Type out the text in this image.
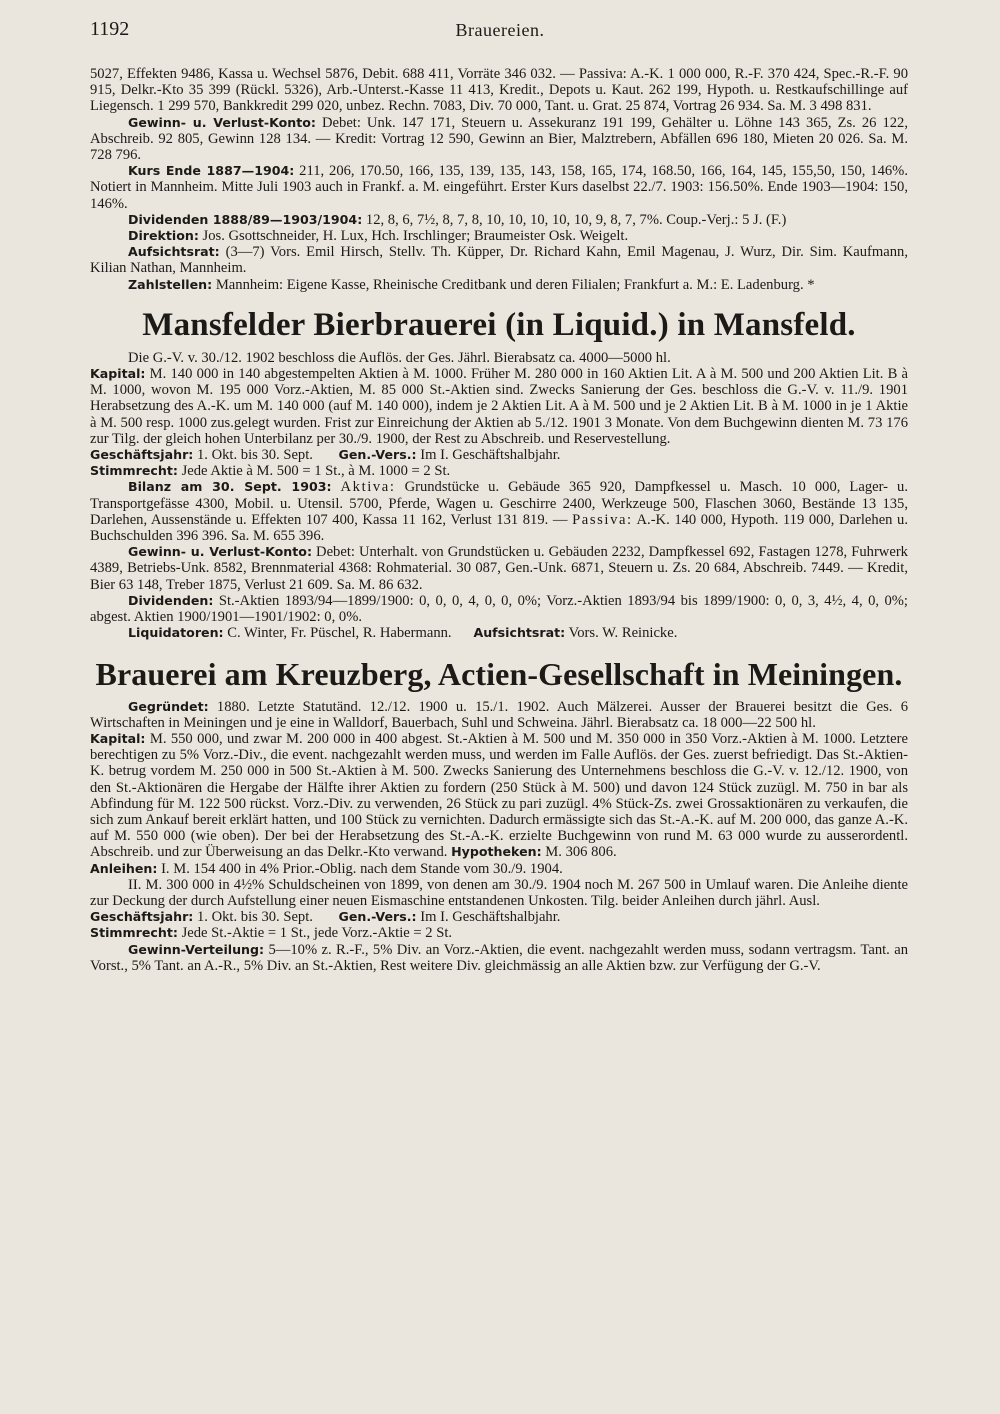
1192	Brauereien.

5027, Effekten 9486, Kassa u. Wechsel 5876, Debit. 688 411, Vorräte 346 032. — Passiva: A.-K. 1 000 000, R.-F. 370 424, Spec.-R.-F. 90 915, Delkr.-Kto 35 399 (Rückl. 5326), Arb.-Unterst.-Kasse 11 413, Kredit., Depots u. Kaut. 262 199, Hypoth. u. Restkaufschillinge auf Liegensch. 1 299 570, Bankkredit 299 020, unbez. Rechn. 7083, Div. 70 000, Tant. u. Grat. 25 874, Vortrag 26 934. Sa. M. 3 498 831.

Gewinn- u. Verlust-Konto: Debet: Unk. 147 171, Steuern u. Assekuranz 191 199, Gehälter u. Löhne 143 365, Zs. 26 122, Abschreib. 92 805, Gewinn 128 134. — Kredit: Vortrag 12 590, Gewinn an Bier, Malztrebern, Abfällen 696 180, Mieten 20 026. Sa. M. 728 796.

Kurs Ende 1887—1904: 211, 206, 170.50, 166, 135, 139, 135, 143, 158, 165, 174, 168.50, 166, 164, 145, 155,50, 150, 146%. Notiert in Mannheim. Mitte Juli 1903 auch in Frankf. a. M. eingeführt. Erster Kurs daselbst 22./7. 1903: 156.50%. Ende 1903—1904: 150, 146%.

Dividenden 1888/89—1903/1904: 12, 8, 6, 7½, 8, 7, 8, 10, 10, 10, 10, 10, 9, 8, 7, 7%. Coup.-Verj.: 5 J. (F.)

Direktion: Jos. Gsottschneider, H. Lux, Hch. Irschlinger; Braumeister Osk. Weigelt.

Aufsichtsrat: (3—7) Vors. Emil Hirsch, Stellv. Th. Küpper, Dr. Richard Kahn, Emil Magenau, J. Wurz, Dir. Sim. Kaufmann, Kilian Nathan, Mannheim.

Zahlstellen: Mannheim: Eigene Kasse, Rheinische Creditbank und deren Filialen; Frankfurt a. M.: E. Ladenburg. *

Mansfelder Bierbrauerei (in Liquid.) in Mansfeld.

Die G.-V. v. 30./12. 1902 beschloss die Auflös. der Ges. Jährl. Bierabsatz ca. 4000—5000 hl.

Kapital: M. 140 000 in 140 abgestempelten Aktien à M. 1000. Früher M. 280 000 in 160 Aktien Lit. A à M. 500 und 200 Aktien Lit. B à M. 1000, wovon M. 195 000 Vorz.-Aktien, M. 85 000 St.-Aktien sind. Zwecks Sanierung der Ges. beschloss die G.-V. v. 11./9. 1901 Herabsetzung des A.-K. um M. 140 000 (auf M. 140 000), indem je 2 Aktien Lit. A à M. 500 und je 2 Aktien Lit. B à M. 1000 in je 1 Aktie à M. 500 resp. 1000 zus.gelegt wurden. Frist zur Einreichung der Aktien ab 5./12. 1901 3 Monate. Von dem Buchgewinn dienten M. 73 176 zur Tilg. der gleich hohen Unterbilanz per 30./9. 1900, der Rest zu Abschreib. und Reservestellung.

Geschäftsjahr: 1. Okt. bis 30. Sept. Gen.-Vers.: Im I. Geschäftshalbjahr.

Stimmrecht: Jede Aktie à M. 500 = 1 St., à M. 1000 = 2 St.

Bilanz am 30. Sept. 1903: Aktiva: Grundstücke u. Gebäude 365 920, Dampfkessel u. Masch. 10 000, Lager- u. Transportgefässe 4300, Mobil. u. Utensil. 5700, Pferde, Wagen u. Geschirre 2400, Werkzeuge 500, Flaschen 3060, Bestände 13 135, Darlehen, Aussenstände u. Effekten 107 400, Kassa 11 162, Verlust 131 819. — Passiva: A.-K. 140 000, Hypoth. 119 000, Darlehen u. Buchschulden 396 396. Sa. M. 655 396.

Gewinn- u. Verlust-Konto: Debet: Unterhalt. von Grundstücken u. Gebäuden 2232, Dampfkessel 692, Fastagen 1278, Fuhrwerk 4389, Betriebs-Unk. 8582, Brennmaterial 4368: Rohmaterial. 30 087, Gen.-Unk. 6871, Steuern u. Zs. 20 684, Abschreib. 7449. — Kredit, Bier 63 148, Treber 1875, Verlust 21 609. Sa. M. 86 632.

Dividenden: St.-Aktien 1893/94—1899/1900: 0, 0, 0, 4, 0, 0, 0%; Vorz.-Aktien 1893/94 bis 1899/1900: 0, 0, 3, 4½, 4, 0, 0%; abgest. Aktien 1900/1901—1901/1902: 0, 0%.

Liquidatoren: C. Winter, Fr. Püschel, R. Habermann. Aufsichtsrat: Vors. W. Reinicke.

Brauerei am Kreuzberg, Actien-Gesellschaft in Meiningen.

Gegründet: 1880. Letzte Statutänd. 12./12. 1900 u. 15./1. 1902. Auch Mälzerei. Ausser der Brauerei besitzt die Ges. 6 Wirtschaften in Meiningen und je eine in Walldorf, Bauerbach, Suhl und Schweina. Jährl. Bierabsatz ca. 18 000—22 500 hl.

Kapital: M. 550 000, und zwar M. 200 000 in 400 abgest. St.-Aktien à M. 500 und M. 350 000 in 350 Vorz.-Aktien à M. 1000. Letztere berechtigen zu 5% Vorz.-Div., die event. nachgezahlt werden muss, und werden im Falle Auflös. der Ges. zuerst befriedigt. Das St.-Aktien-K. betrug vordem M. 250 000 in 500 St.-Aktien à M. 500. Zwecks Sanierung des Unternehmens beschloss die G.-V. v. 12./12. 1900, von den St.-Aktionären die Hergabe der Hälfte ihrer Aktien zu fordern (250 Stück à M. 500) und davon 124 Stück zuzügl. M. 750 in bar als Abfindung für M. 122 500 rückst. Vorz.-Div. zu verwenden, 26 Stück zu pari zuzügl. 4% Stück-Zs. zwei Grossaktionären zu verkaufen, die sich zum Ankauf bereit erklärt hatten, und 100 Stück zu vernichten. Dadurch ermässigte sich das St.-A.-K. auf M. 200 000, das ganze A.-K. auf M. 550 000 (wie oben). Der bei der Herabsetzung des St.-A.-K. erzielte Buchgewinn von rund M. 63 000 wurde zu ausserordentl. Abschreib. und zur Überweisung an das Delkr.-Kto verwand. Hypotheken: M. 306 806.

Anleihen: I. M. 154 400 in 4% Prior.-Oblig. nach dem Stande vom 30./9. 1904.

II. M. 300 000 in 4½% Schuldscheinen von 1899, von denen am 30./9. 1904 noch M. 267 500 in Umlauf waren. Die Anleihe diente zur Deckung der durch Aufstellung einer neuen Eismaschine entstandenen Unkosten. Tilg. beider Anleihen durch jährl. Ausl.

Geschäftsjahr: 1. Okt. bis 30. Sept. Gen.-Vers.: Im I. Geschäftshalbjahr.

Stimmrecht: Jede St.-Aktie = 1 St., jede Vorz.-Aktie = 2 St.

Gewinn-Verteilung: 5—10% z. R.-F., 5% Div. an Vorz.-Aktien, die event. nachgezahlt werden muss, sodann vertragsm. Tant. an Vorst., 5% Tant. an A.-R., 5% Div. an St.-Aktien, Rest weitere Div. gleichmässig an alle Aktien bzw. zur Verfügung der G.-V.
